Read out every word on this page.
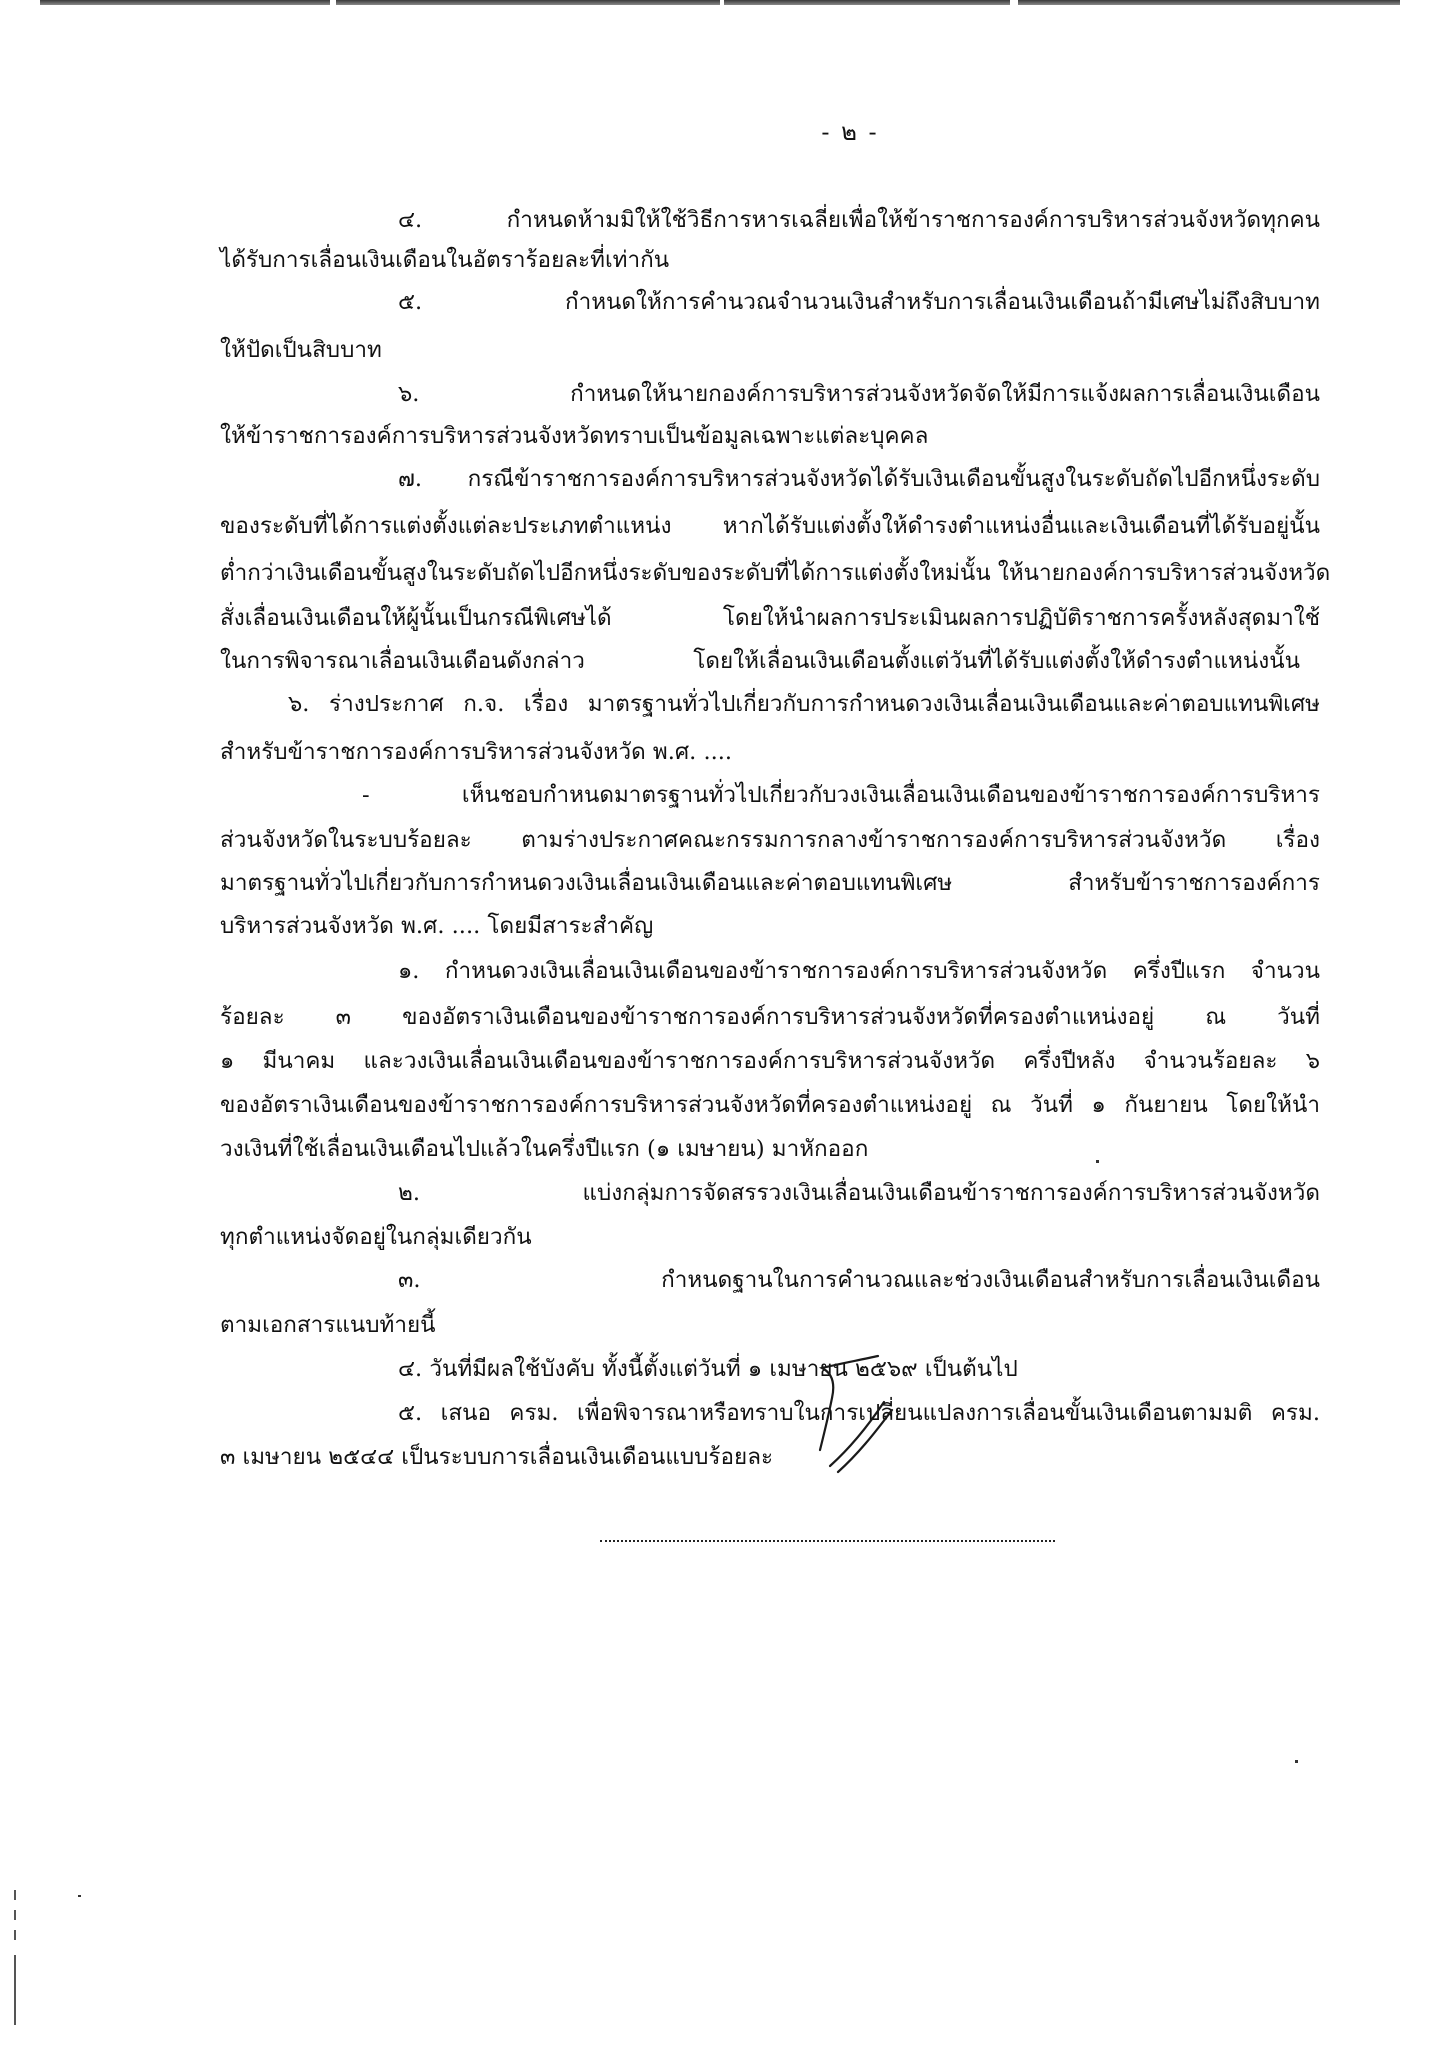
- ๒ -
๔. กำหนดห้ามมิให้ใช้วิธีการหารเฉลี่ยเพื่อให้ข้าราชการองค์การบริหารส่วนจังหวัดทุกคน
ได้รับการเลื่อนเงินเดือนในอัตราร้อยละที่เท่ากัน
๕. กำหนดให้การคำนวณจำนวนเงินสำหรับการเลื่อนเงินเดือนถ้ามีเศษไม่ถึงสิบบาท
ให้ปัดเป็นสิบบาท
๖. กำหนดให้นายกองค์การบริหารส่วนจังหวัดจัดให้มีการแจ้งผลการเลื่อนเงินเดือน
ให้ข้าราชการองค์การบริหารส่วนจังหวัดทราบเป็นข้อมูลเฉพาะแต่ละบุคคล
๗. กรณีข้าราชการองค์การบริหารส่วนจังหวัดได้รับเงินเดือนขั้นสูงในระดับถัดไปอีกหนึ่งระดับ
ของระดับที่ได้การแต่งตั้งแต่ละประเภทตำแหน่ง หากได้รับแต่งตั้งให้ดำรงตำแหน่งอื่นและเงินเดือนที่ได้รับอยู่นั้น
ต่ำกว่าเงินเดือนขั้นสูงในระดับถัดไปอีกหนึ่งระดับของระดับที่ได้การแต่งตั้งใหม่นั้น ให้นายกองค์การบริหารส่วนจังหวัด
สั่งเลื่อนเงินเดือนให้ผู้นั้นเป็นกรณีพิเศษได้ โดยให้นำผลการประเมินผลการปฏิบัติราชการครั้งหลังสุดมาใช้
ในการพิจารณาเลื่อนเงินเดือนดังกล่าว โดยให้เลื่อนเงินเดือนตั้งแต่วันที่ได้รับแต่งตั้งให้ดำรงตำแหน่งนั้น
๖. ร่างประกาศ ก.จ. เรื่อง มาตรฐานทั่วไปเกี่ยวกับการกำหนดวงเงินเลื่อนเงินเดือนและค่าตอบแทนพิเศษ
สำหรับข้าราชการองค์การบริหารส่วนจังหวัด พ.ศ. ....
- เห็นชอบกำหนดมาตรฐานทั่วไปเกี่ยวกับวงเงินเลื่อนเงินเดือนของข้าราชการองค์การบริหาร
ส่วนจังหวัดในระบบร้อยละ ตามร่างประกาศคณะกรรมการกลางข้าราชการองค์การบริหารส่วนจังหวัด เรื่อง
มาตรฐานทั่วไปเกี่ยวกับการกำหนดวงเงินเลื่อนเงินเดือนและค่าตอบแทนพิเศษ สำหรับข้าราชการองค์การ
บริหารส่วนจังหวัด พ.ศ. .... โดยมีสาระสำคัญ
๑. กำหนดวงเงินเลื่อนเงินเดือนของข้าราชการองค์การบริหารส่วนจังหวัด ครึ่งปีแรก จำนวน
ร้อยละ ๓ ของอัตราเงินเดือนของข้าราชการองค์การบริหารส่วนจังหวัดที่ครองตำแหน่งอยู่ ณ วันที่
๑ มีนาคม และวงเงินเลื่อนเงินเดือนของข้าราชการองค์การบริหารส่วนจังหวัด ครึ่งปีหลัง จำนวนร้อยละ ๖
ของอัตราเงินเดือนของข้าราชการองค์การบริหารส่วนจังหวัดที่ครองตำแหน่งอยู่ ณ วันที่ ๑ กันยายน โดยให้นำ
วงเงินที่ใช้เลื่อนเงินเดือนไปแล้วในครึ่งปีแรก (๑ เมษายน) มาหักออก
๒. แบ่งกลุ่มการจัดสรรวงเงินเลื่อนเงินเดือนข้าราชการองค์การบริหารส่วนจังหวัด
ทุกตำแหน่งจัดอยู่ในกลุ่มเดียวกัน
๓. กำหนดฐานในการคำนวณและช่วงเงินเดือนสำหรับการเลื่อนเงินเดือน
ตามเอกสารแนบท้ายนี้
๔. วันที่มีผลใช้บังคับ ทั้งนี้ตั้งแต่วันที่ ๑ เมษายน ๒๕๖๙ เป็นต้นไป
๕. เสนอ ครม. เพื่อพิจารณาหรือทราบในการเปลี่ยนแปลงการเลื่อนขั้นเงินเดือนตามมติ ครม.
๓ เมษายน ๒๕๔๔ เป็นระบบการเลื่อนเงินเดือนแบบร้อยละ
